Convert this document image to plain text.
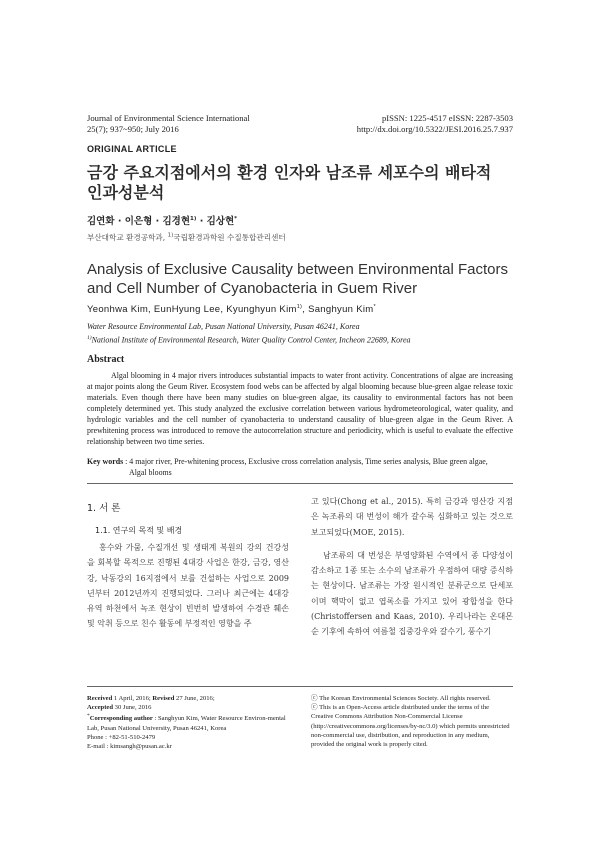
Journal of Environmental Science International
25(7); 937~950; July 2016
pISSN: 1225-4517 eISSN: 2287-3503
http://dx.doi.org/10.5322/JESI.2016.25.7.937
ORIGINAL ARTICLE
금강 주요지점에서의 환경 인자와 남조류 세포수의 배타적
인과성분석
김연화 · 이은형 · 김경현$^{1)}$ · 김상현*
부산대학교 환경공학과, $^{1)}$국립환경과학원 수질통합관리센터
Analysis of Exclusive Causality between Environmental Factors and Cell Number of Cyanobacteria in Guem River
Yeonhwa Kim, EunHyung Lee, Kyunghyun Kim$^{1)}$, Sanghyun Kim*
Water Resource Environmental Lab, Pusan National University, Pusan 46241, Korea
$^{1)}$National Institute of Environmental Research, Water Quality Control Center, Incheon 22689, Korea
Abstract
Algal blooming in 4 major rivers introduces substantial impacts to water front activity. Concentrations of algae are increasing at major points along the Geum River. Ecosystem food webs can be affected by algal blooming because blue-green algae release toxic materials. Even though there have been many studies on blue-green algae, its causality to environmental factors has not been completely determined yet. This study analyzed the exclusive correlation between various hydrometeorological, water quality, and hydrologic variables and the cell number of cyanobacteria to understand causality of blue-green algae in the Geum River. A prewhitening process was introduced to remove the autocorrelation structure and periodicity, which is useful to evaluate the effective relationship between two time series.
Key words : 4 major river, Pre-whitening process, Exclusive cross correlation analysis, Time series analysis, Blue green algae,
Algal blooms
1. 서 론
1.1. 연구의 목적 및 배경

홍수와 가뭄, 수질개선 및 생태계 복원의 강의 건강성을 회복할 목적으로 진행된 4대강 사업은 한강, 금강, 영산강, 낙동강의 16지점에서 보를 건설하는 사업으로 2009년부터 2012년까지 진행되었다. 그러나 최근에는 4대강 유역 하천에서 녹조 현상이 빈번히 발생하여 수경관 훼손 및 악취 등으로 친수 활동에 부정적인 영향을 주

고 있다(Chong et al., 2015). 특히 금강과 영산강 지점은 녹조류의 대 번성이 해가 갈수록 심화하고 있는 것으로 보고되었다(MOE, 2015).

남조류의 대 번성은 부영양화된 수역에서 종 다양성이 감소하고 1종 또는 소수의 남조류가 우점하여 대량 증식하는 현상이다. 남조류는 가장 원시적인 분류군으로 단세포이며 핵막이 없고 엽록소를 가지고 있어 광합성을 한다(Christoffersen and Kaas, 2010). 우리나라는 온대몬순 기후에 속하여 여름철 집중강우와 갈수기, 풍수기

Received 1 April, 2016; Revised 27 June, 2016;
Accepted 30 June, 2016
*Corresponding author : Sanghyun Kim, Water Resource Environ-mental Lab, Pusan National University, Pusan 46241, Korea
Phone : +82-51-510-2479
E-mail : kimsangh@pusan.ac.kr
ⓒ The Korean Environmental Sciences Society. All rights reserved.
ⓒ This is an Open-Access article distributed under the terms of the Creative Commons Attribution Non-Commercial License (http://creativecommons.org/licenses/by-nc/3.0) which permits unrestricted non-commercial use, distribution, and reproduction in any medium, provided the original work is properly cited.
